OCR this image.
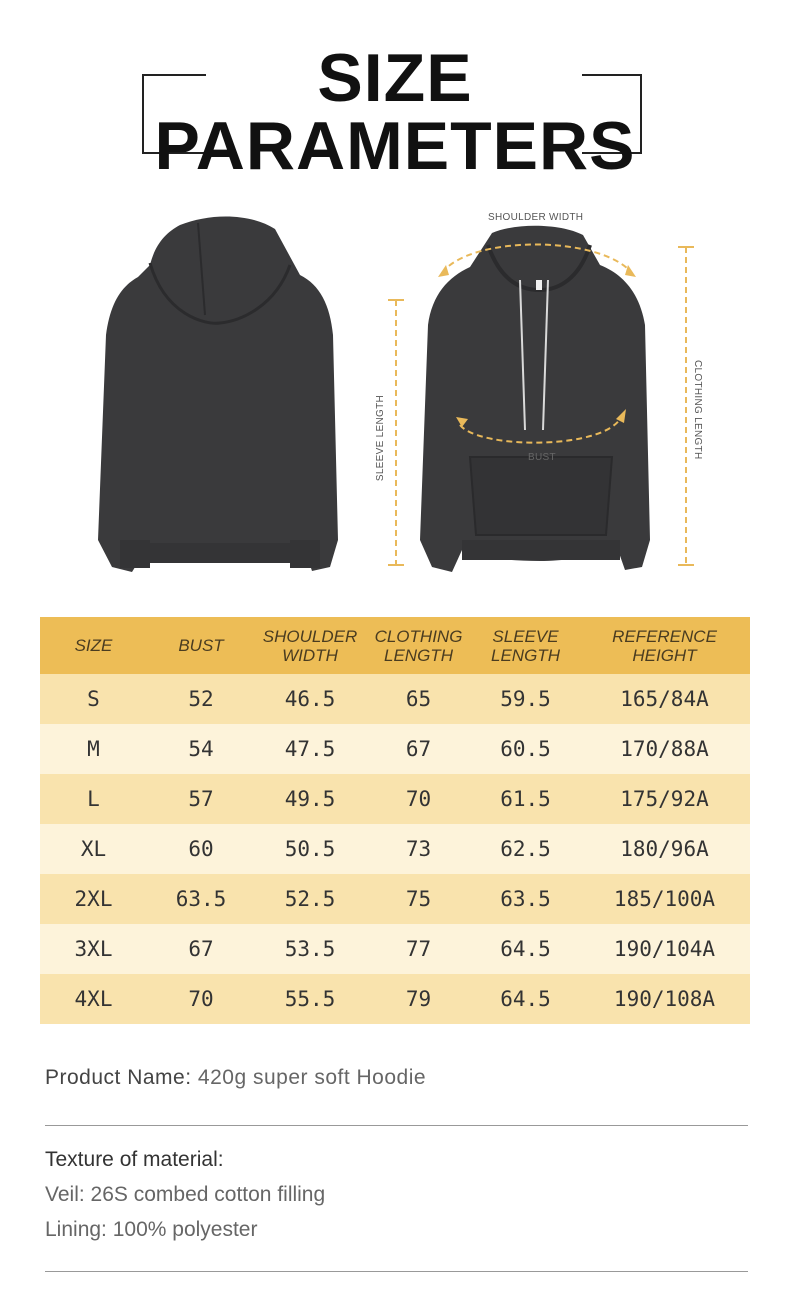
SIZE
PARAMETERS
SHOULDER WIDTH
SLEEVE LENGTH	CLOTHING LENGTH
BUST
SIZE	BUST	SHOULDER WIDTH	CLOTHING LENGTH	SLEEVE LENGTH	REFERENCE HEIGHT
S	52	46.5	65	59.5	165/84A
M	54	47.5	67	60.5	170/88A
L	57	49.5	70	61.5	175/92A
XL	60	50.5	73	62.5	180/96A
2XL	63.5	52.5	75	63.5	185/100A
3XL	67	53.5	77	64.5	190/104A
4XL	70	55.5	79	64.5	190/108A
Product Name: 420g super soft Hoodie
Texture of material:
Veil: 26S combed cotton filling
Lining: 100% polyester
